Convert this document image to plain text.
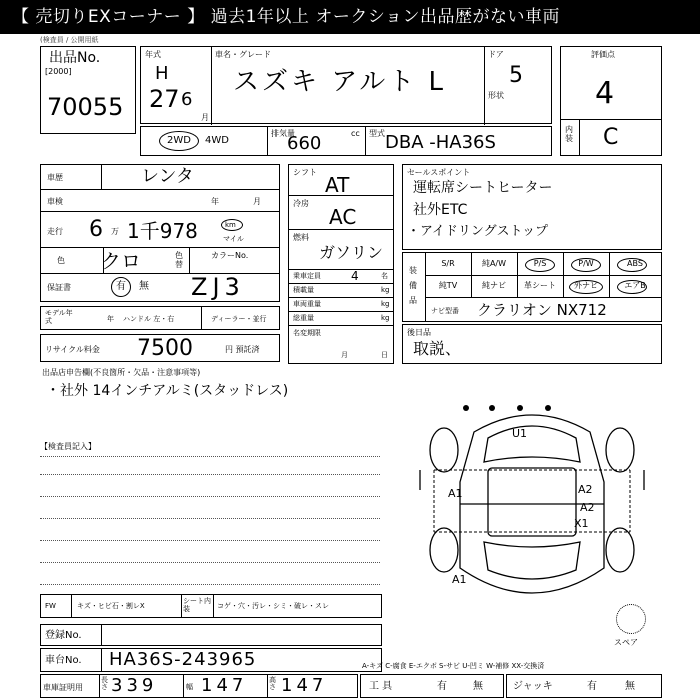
【 売切りEXコーナー 】 過去1年以上 オークション出品歴がない車両
(検査員 / 公開用紙
出品No.
[2000]
70055
年式
H
27 6
月
車名・グレード
スズキ アルト L
ドア
5
形状
評価点
4
内装 C
2WD 4WD
排気量
660	cc 型式 DBA -HA36S
車歴	レンタ
車検	年	月
走行 6 万 1千978	km
マイル
色 クロ	色替
カラーNo.
保証書	有 無 ZJ3
モデル年式	年 ハンドル 左・右	ディーラー・並行
リサイクル料金 7500	円 預託済
シフト
AT
冷房
AC
燃料
ガソリン
乗車定員	4	名
積載量	kg
車両重量	kg
総重量	kg
名変期限
月	日
セールスポイント
運転席シートヒーター
社外ETC
・アイドリングストップ
装備品
S/R	純A/W	P/S	P/W	ABS
純TV	純ナビ	革シート	外ナビ	エアB
ナビ型番 クラリオン NX712
後日品
取説、
出品店申告欄(不良箇所・欠品・注意事項等)
・社外 14インチアルミ(スタッドレス)
【検査員記入】
U1
A1	A2
A2
X1
A1
スペア
FW	キズ・ヒビ石・割レX
シート内装	コゲ・穴・汚レ・シミ・破レ・スレ
登録No.
車台No. HA36S-243965	A-キズ C-腐食 E-エクボ S-サビ U-凹ミ W-補修 XX-交換済
車庫証明用
長さ 339	幅 147	高さ 147	工 具	有	無	ジャッキ	有	無
